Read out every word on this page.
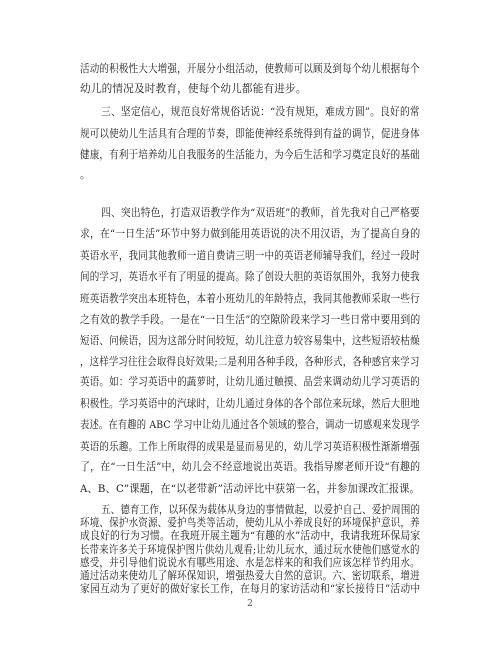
活动的积极性大大增强，开展分小组活动，使教师可以顾及到每个幼儿根据每个
幼儿的情况及时教育，使每个幼儿都能有进步。
三、坚定信心，规范良好常规俗话说：“没有规矩，难成方圆”。良好的常
规可以使幼儿生活具有合理的节奏，即能使神经系统得到有益的调节，促进身体
健康，有利于培养幼儿自我服务的生活能力，为今后生活和学习奠定良好的基础
。
四、突出特色，打造双语教学作为“双语班”的教师，首先我对自己严格要
求，在“一日生活”环节中努力做到能用英语说的决不用汉语，为了提高自身的
英语水平，我同其他教师一道自费请三明一中的英语老师辅导我们，经过一段时
间的学习，英语水平有了明显的提高。除了创设大胆的英语氛围外，我努力使我
班英语教学突出本班特色，本着小班幼儿的年龄特点，我同其他教师采取一些行
之有效的教学手段。一是在“一日生活”的空隙阶段来学习一些日常中要用到的
短语、问候语，因为这部分时间较短，幼儿注意力较容易集中，这些短语较枯燥
，这样学习往往会取得良好效果;二是利用各种手段，各种形式，各种感官来学习
英语。如：学习英语中的蔬萝时，让幼儿通过触摸、品尝来调动幼儿学习英语的
积极性。学习英语中的汽球时，让幼儿通过身体的各个部位来玩球，然后大胆地
表述。在有趣的 ABC 学习中让幼儿通过各个领域的整合，调动一切感观来发现学
英语的乐趣。工作上所取得的成果是显而易见的，幼儿学习英语积极性渐渐增强
了，在“一日生活”中，幼儿会不经意地说出英语。我指导廖老师开设“有趣的
A、B、C”课题，在“以老带新”活动评比中获第一名，并参加课改汇报课。
五、德育工作，以环保为载体从身边的事情做起，以爱护自己、爱护周围的
环境、保护水资源、爱护鸟类等活动，使幼儿从小养成良好的环境保护意识，养
成良好的行为习惯。在我班开展主题为“有趣的水”活动中，我请我班环保局家
长带来许多关于环境保护图片供幼儿观看;让幼儿玩水，通过玩水使他们感觉水的
感受，并引导他们说说水有哪些用途、水是怎样来的和我们应该怎样节约用水。
通过活动来使幼儿了解环保知识，增强热爱大自然的意识。六、密切联系，增进
家园互动为了更好的做好家长工作，在每月的家访活动和“家长接待日”活动中
2
